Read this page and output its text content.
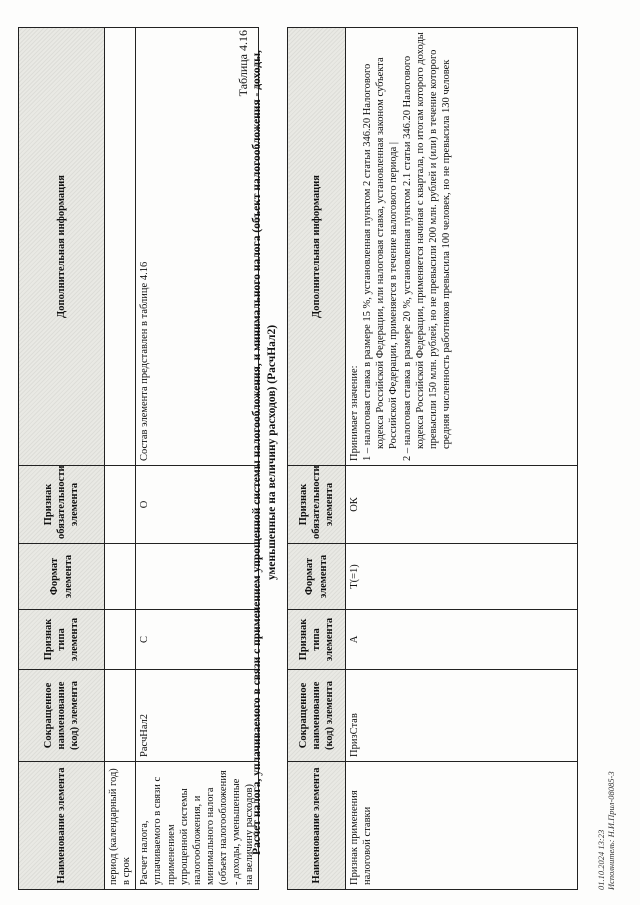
Наименование элемента	Сокращенное наименование (код) элемента	Признак типа элемента	Формат элемента	Признак обязательности элемента	Дополнительная информация
период (календарный год) в срок					
Расчет налога, уплачиваемого в связи с применением упрощенной системы налогообложения, и минимального налога (объект налогообложения - доходы, уменьшенные на величину расходов)	РасчНал2	С		О	Состав элемента представлен в таблице 4.16
Таблица 4.16 Расчет налога, уплачиваемого в связи с применением упрощенной системы налогообложения, и минимального налога (объект налогообложения - доходы, уменьшенные на величину расходов) (РасчНал2)
Наименование элемента	Сокращенное наименование (код) элемента	Признак типа элемента	Формат элемента	Признак обязательности элемента	Дополнительная информация
Признак применения налоговой ставки	ПризСтав	А	Т(=1)	ОК	Принимает значение: 1 – налоговая ставка в размере 15 %, установленная пунктом 2 статьи 346.20 Налогового кодекса Российской Федерации, или налоговая ставка, установленная законом субъекта Российской Федерации, применяется в течение налогового периода | 2 – налоговая ставка в размере 20 %, установленная пунктом 2.1 статьи 346.20 Налогового кодекса Российской Федерации, применяется начиная с квартала, по итогам которого доходы превысили 150 млн. рублей, но не превысили 200 млн. рублей и (или) в течение которого средняя численность работников превысила 100 человек, но не превысила 130 человек
01.10.2024 13:23 Исполнитель: Н.И.Прил-08085-3
